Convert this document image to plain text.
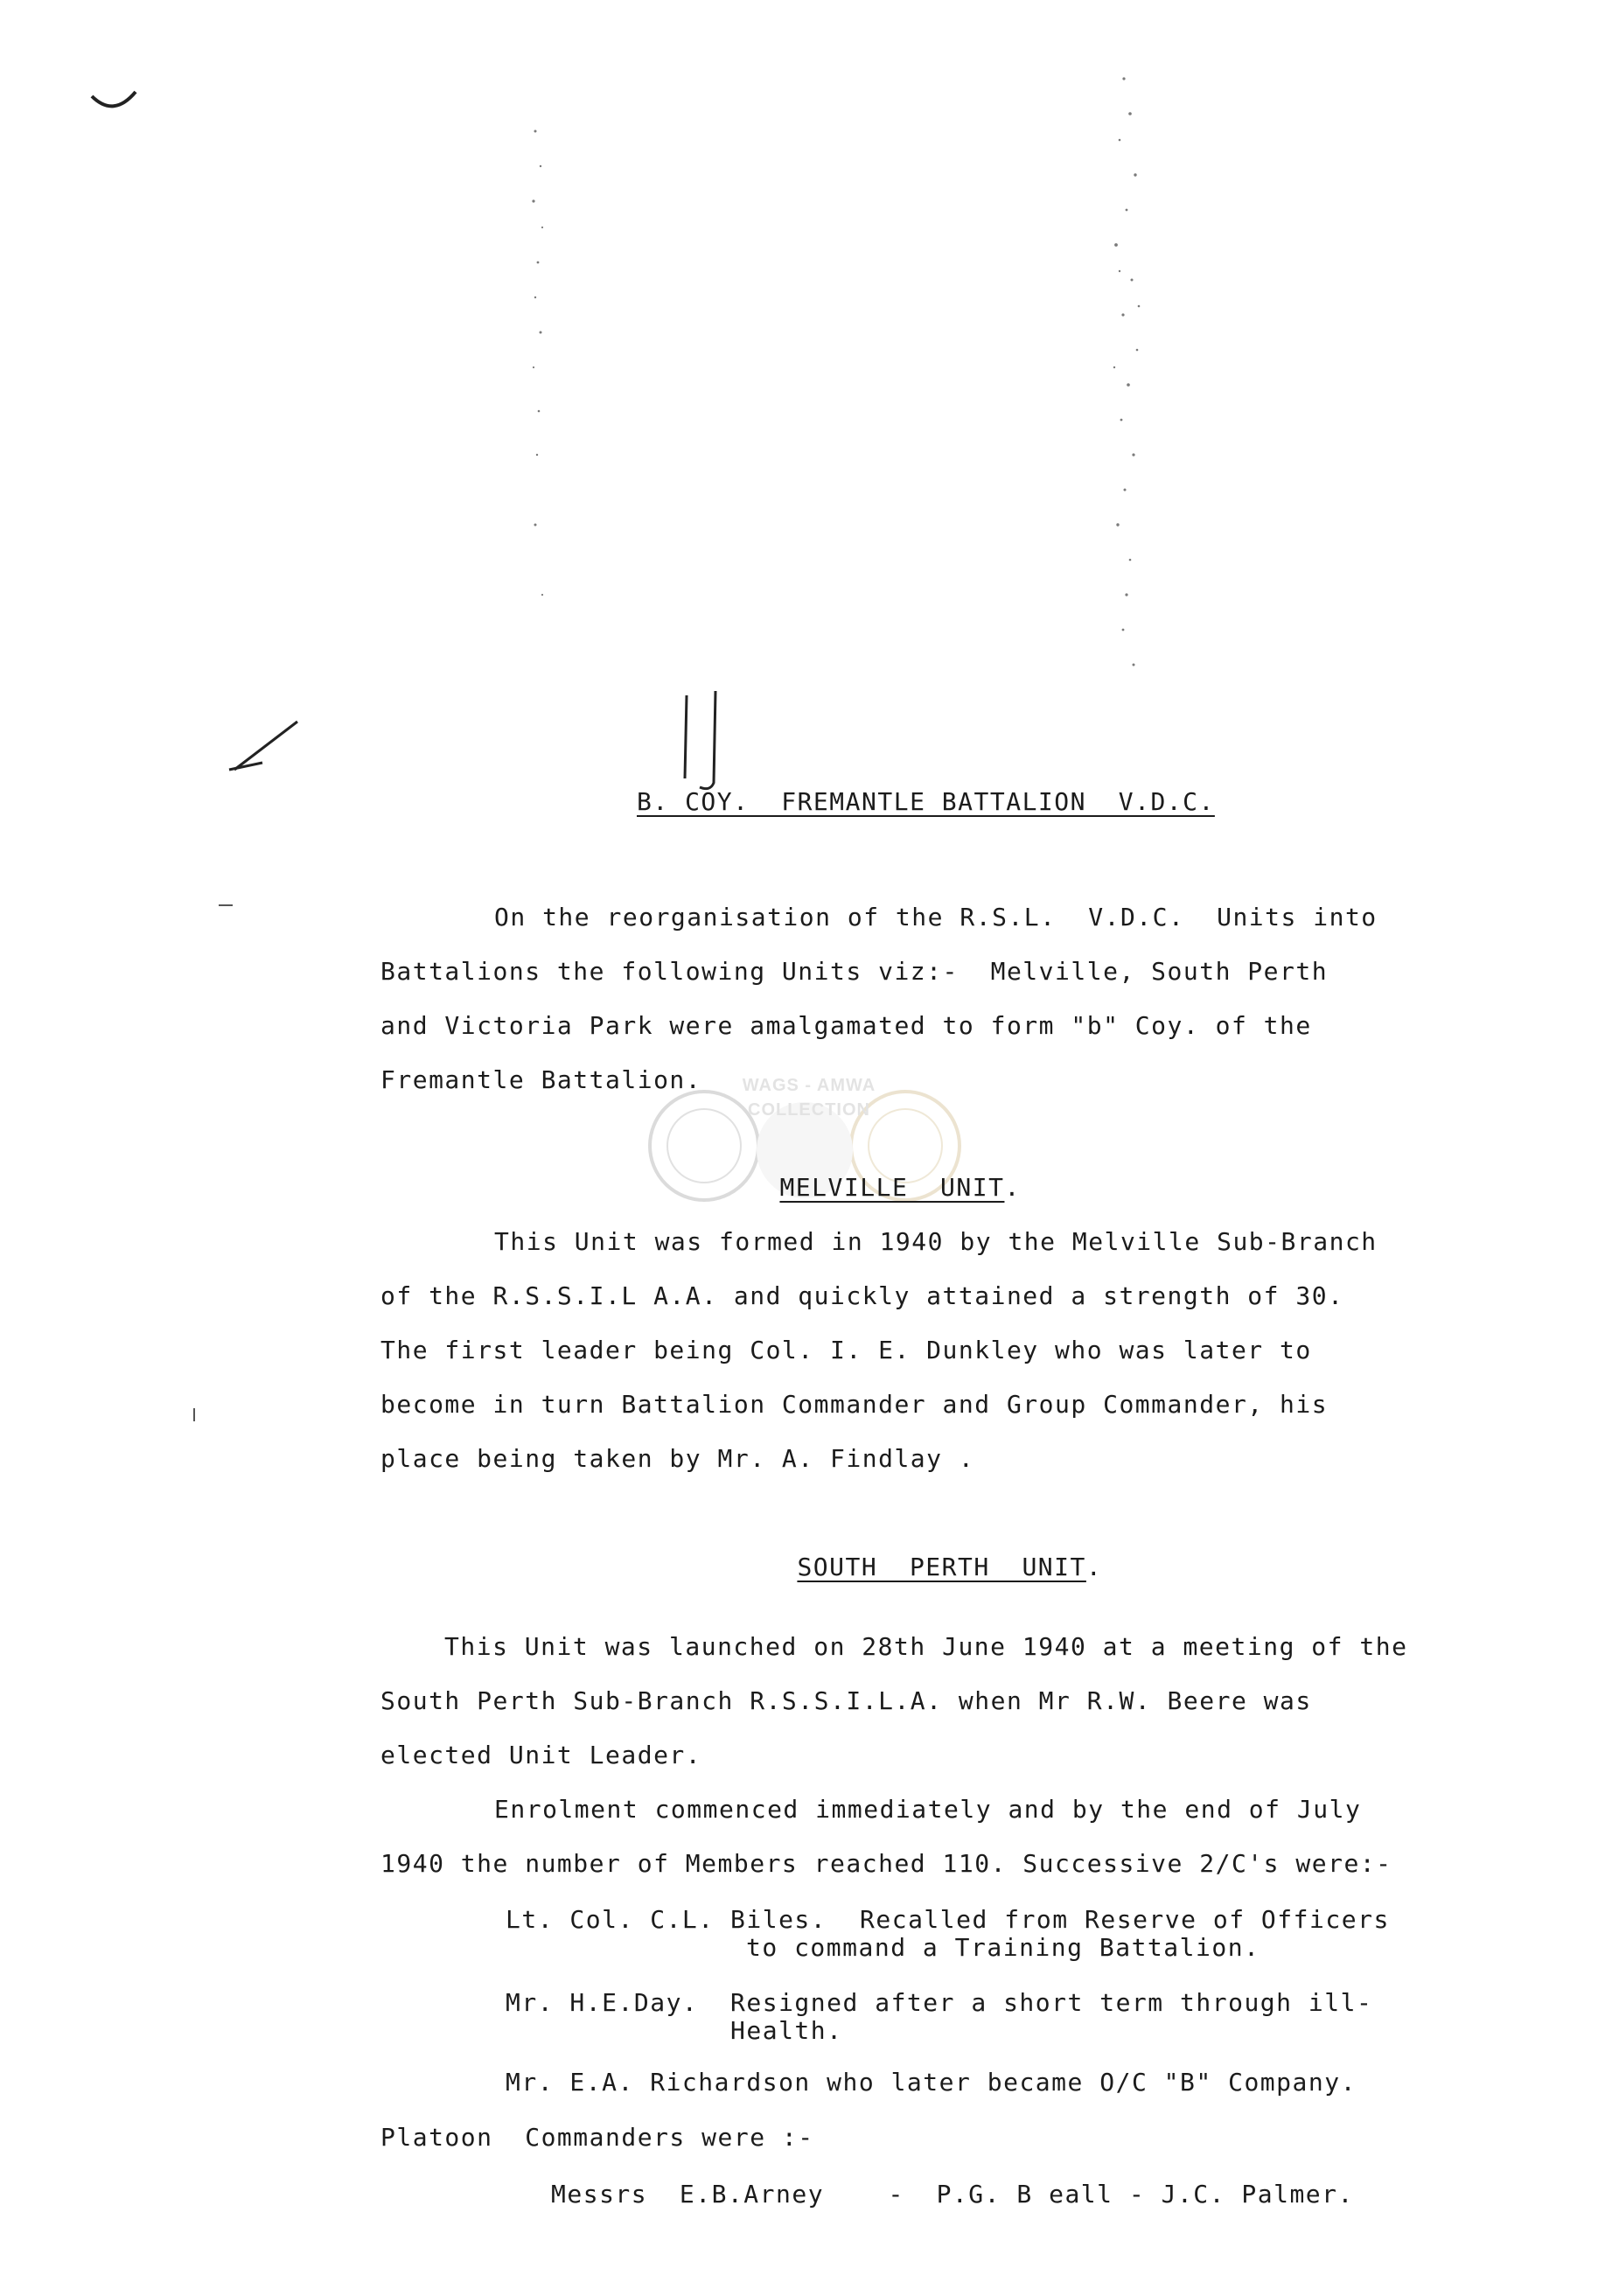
WAGS - AMWA
COLLECTION
B. COY.  FREMANTLE BATTALION  V.D.C.
On the reorganisation of the R.S.L.  V.D.C.  Units into
Battalions the following Units viz:-  Melville, South Perth
and Victoria Park were amalgamated to form "b" Coy. of the
Fremantle Battalion.

MELVILLE  UNIT.

This Unit was formed in 1940 by the Melville Sub-Branch
of the R.S.S.I.L A.A. and quickly attained a strength of 30.
The first leader being Col. I. E. Dunkley who was later to
become in turn Battalion Commander and Group Commander, his
place being taken by Mr. A. Findlay .

SOUTH  PERTH  UNIT.

This Unit was launched on 28th June 1940 at a meeting of the
South Perth Sub-Branch R.S.S.I.L.A. when Mr R.W. Beere was
elected Unit Leader.
Enrolment commenced immediately and by the end of July
1940 the number of Members reached 110. Successive 2/C's were:-
Lt. Col. C.L. Biles. Recalled from Reserve of Officers
to command a Training Battalion.
Mr. H.E.Day. Resigned after a short term through ill-
Health.
Mr. E.A. Richardson who later became O/C "B" Company.
Platoon  Commanders were :-
Messrs  E.B.Arney    -  P.G. B eall - J.C. Palmer.
